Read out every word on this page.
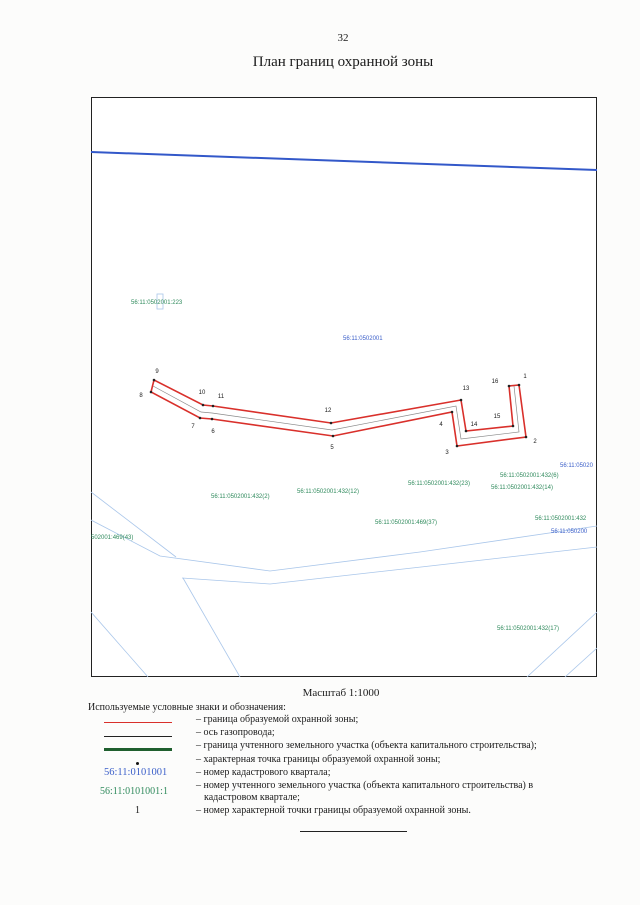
32
План границ охранной зоны
1
2
3
4
5
6
7
8
9
10
11
12
13
14
15
16
56:11:0502001
56:11:05020
56:11:050200
56:11:0502001:223
56:11:0502001:432(2)
56:11:0502001:432(12)
56:11:0502001:432(23)
56:11:0502001:432(6)
56:11:0502001:432(14)
56:11:0502001:469(37)
502001:469(43)
56:11:0502001:432
56:11:0502001:432(17)
Масштаб 1:1000
Используемые условные знаки и обозначения:
– граница образуемой охранной зоны;
– ось газопровода;
– граница учтенного земельного участка (объекта капитального строительства);
– характерная точка границы образуемой охранной зоны;
56:11:0101001	– номер кадастрового квартала;
56:11:0101001:1
– номер учтенного земельного участка (объекта капитального строительства) в
кадастровом квартале;
1	– номер характерной точки границы образуемой охранной зоны.
